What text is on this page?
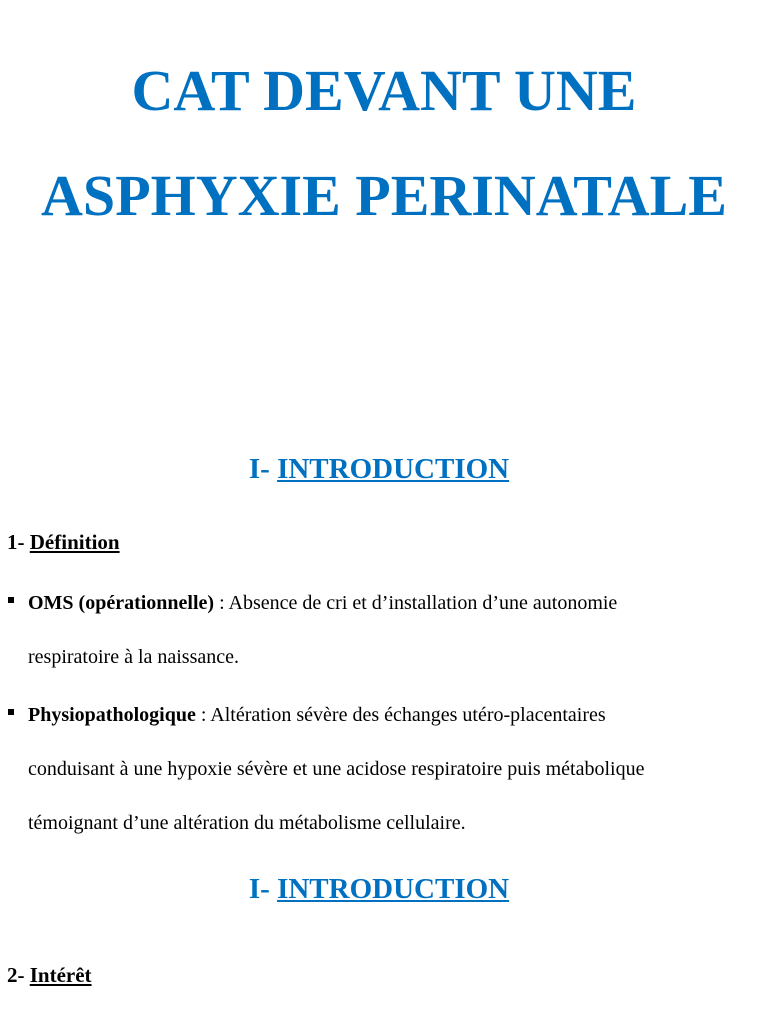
CAT DEVANT UNE
ASPHYXIE PERINATALE
I- INTRODUCTION
1- Définition

OMS (opérationnelle) : Absence de cri et d’installation d’une autonomie

respiratoire à la naissance.

Physiopathologique : Altération sévère des échanges utéro-placentaires

conduisant à une hypoxie sévère et une acidose respiratoire puis métabolique

témoignant d’une altération du métabolisme cellulaire.

I- INTRODUCTION
2- Intérêt
